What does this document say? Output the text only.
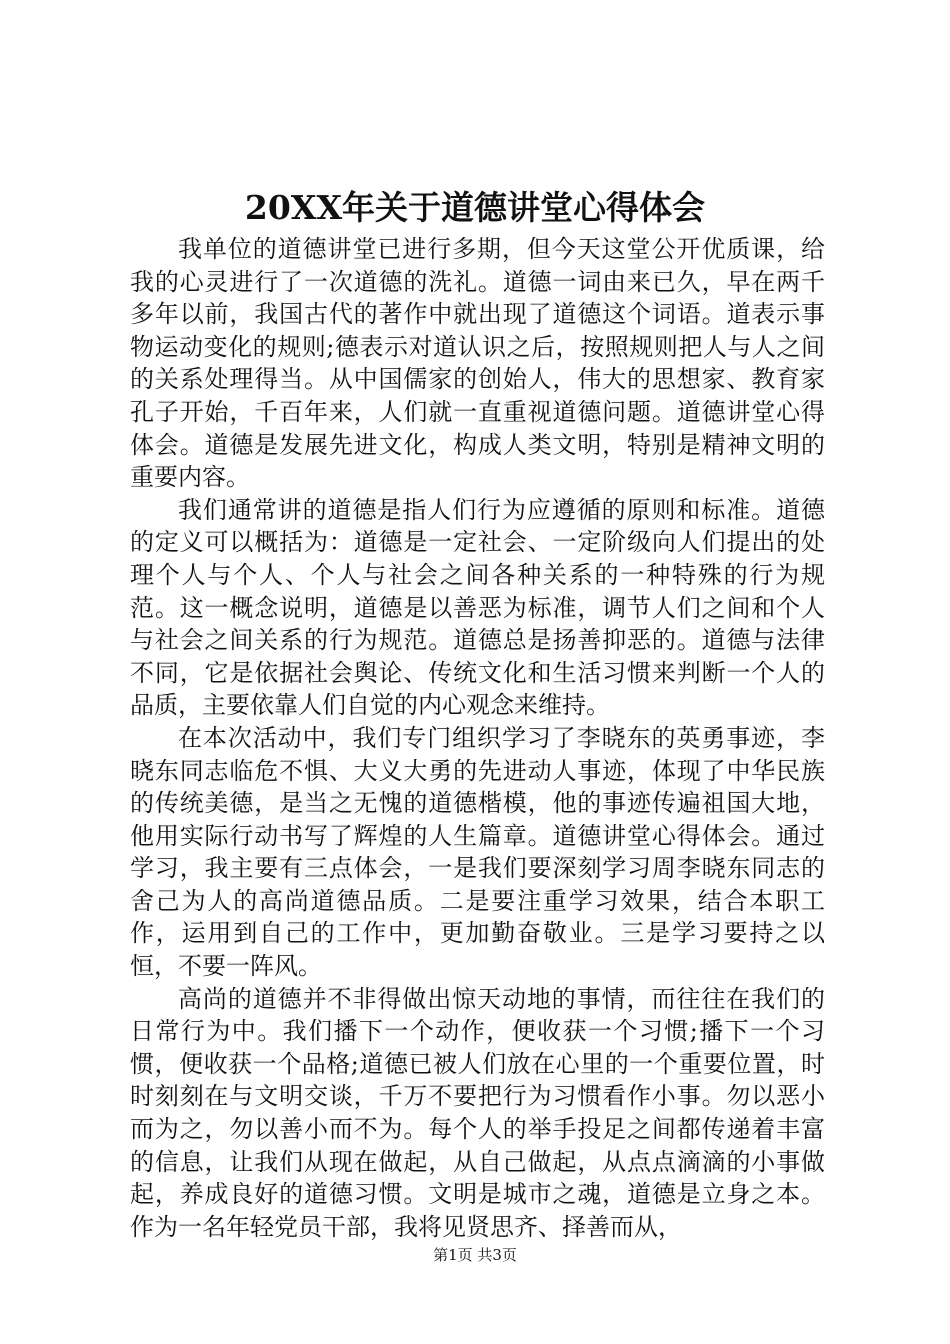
20XX年关于道德讲堂心得体会

我单位的道德讲堂已进行多期，但今天这堂公开优质课，给我的心灵进行了一次道德的洗礼。道德一词由来已久，早在两千多年以前，我国古代的著作中就出现了道德这个词语。道表示事物运动变化的规则;德表示对道认识之后，按照规则把人与人之间的关系处理得当。从中国儒家的创始人，伟大的思想家、教育家孔子开始，千百年来，人们就一直重视道德问题。道德讲堂心得体会。道德是发展先进文化，构成人类文明，特别是精神文明的重要内容。

我们通常讲的道德是指人们行为应遵循的原则和标准。道德的定义可以概括为：道德是一定社会、一定阶级向人们提出的处理个人与个人、个人与社会之间各种关系的一种特殊的行为规范。这一概念说明，道德是以善恶为标准，调节人们之间和个人与社会之间关系的行为规范。道德总是扬善抑恶的。道德与法律不同，它是依据社会舆论、传统文化和生活习惯来判断一个人的品质，主要依靠人们自觉的内心观念来维持。

在本次活动中，我们专门组织学习了李晓东的英勇事迹，李晓东同志临危不惧、大义大勇的先进动人事迹，体现了中华民族的传统美德，是当之无愧的道德楷模，他的事迹传遍祖国大地，他用实际行动书写了辉煌的人生篇章。道德讲堂心得体会。通过学习，我主要有三点体会，一是我们要深刻学习周李晓东同志的舍己为人的高尚道德品质。二是要注重学习效果，结合本职工作，运用到自己的工作中，更加勤奋敬业。三是学习要持之以恒，不要一阵风。

高尚的道德并不非得做出惊天动地的事情，而往往在我们的日常行为中。我们播下一个动作，便收获一个习惯;播下一个习惯，便收获一个品格;道德已被人们放在心里的一个重要位置，时时刻刻在与文明交谈，千万不要把行为习惯看作小事。勿以恶小而为之，勿以善小而不为。每个人的举手投足之间都传递着丰富的信息，让我们从现在做起，从自己做起，从点点滴滴的小事做起，养成良好的道德习惯。文明是城市之魂，道德是立身之本。作为一名年轻党员干部，我将见贤思齐、择善而从，

第1页 共3页
